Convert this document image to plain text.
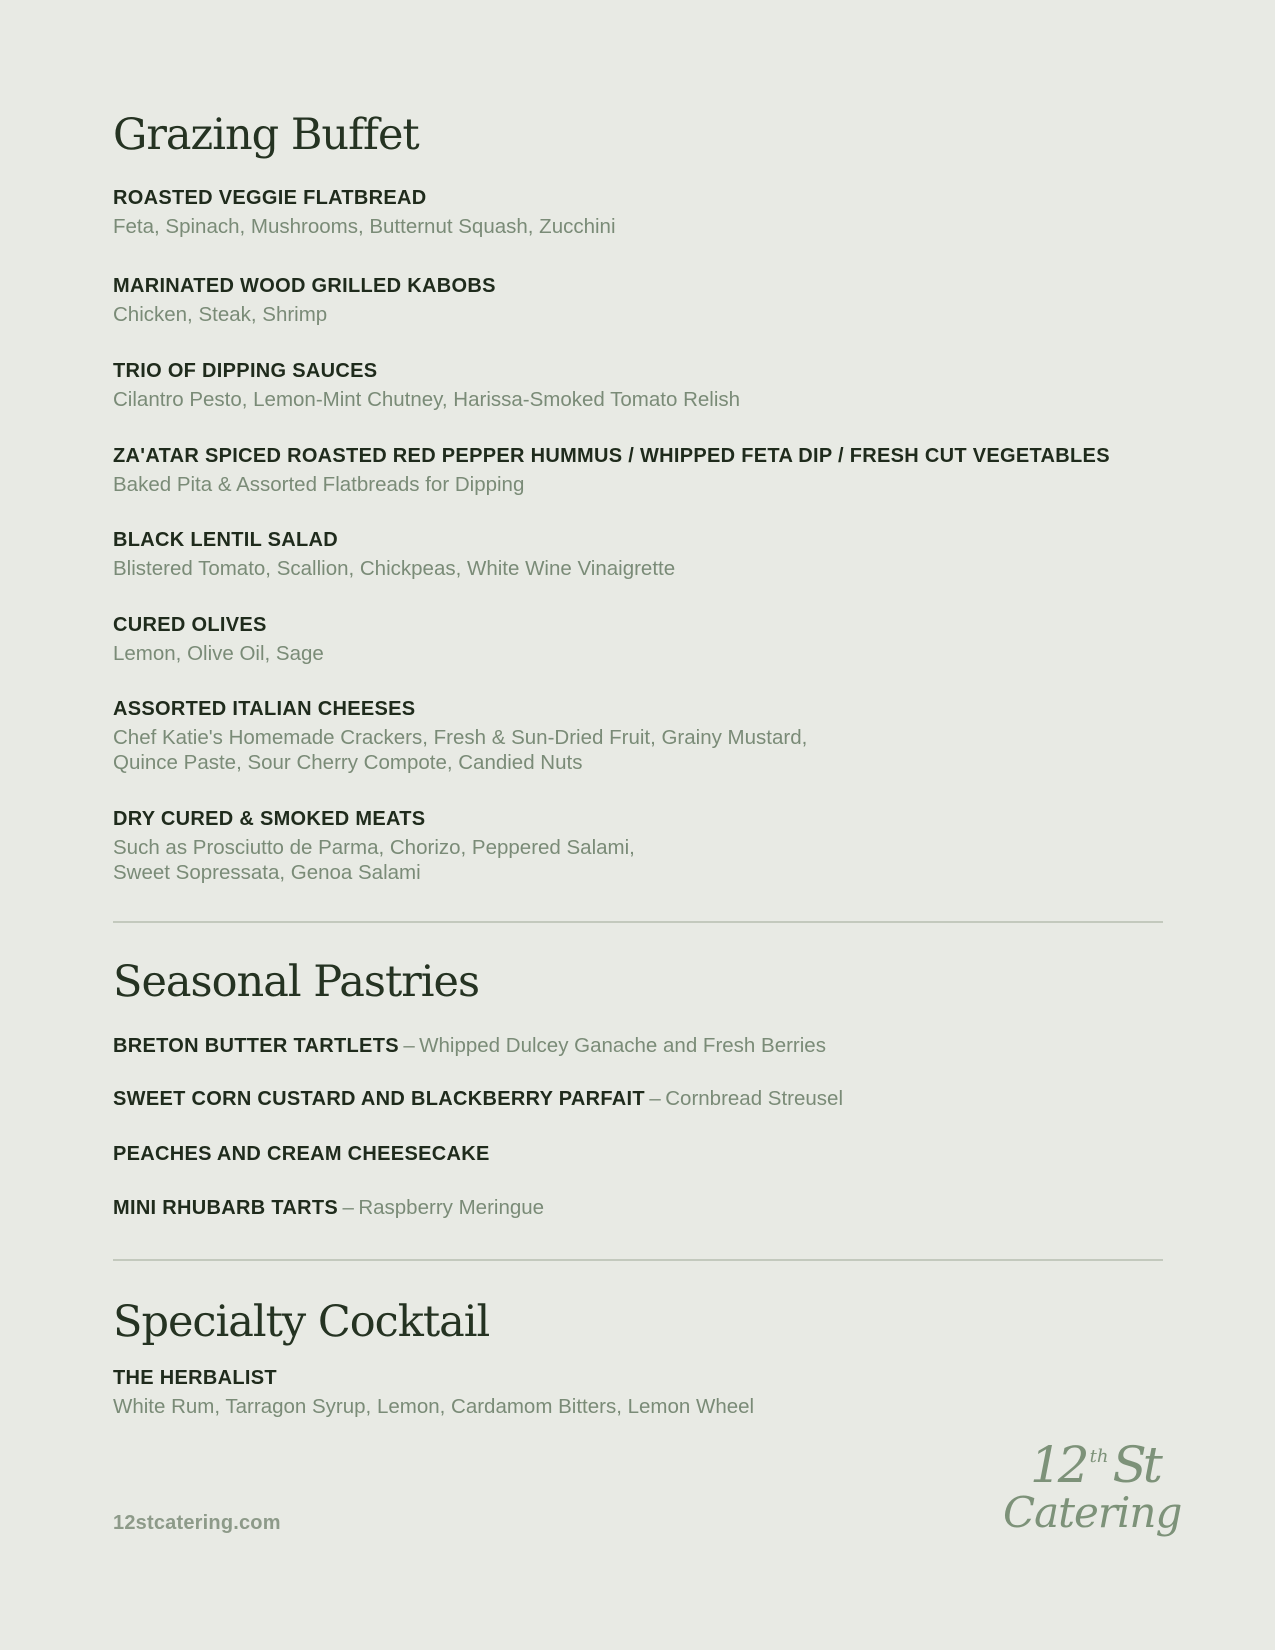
Grazing Buffet
ROASTED VEGGIE FLATBREAD
Feta, Spinach, Mushrooms, Butternut Squash, Zucchini
MARINATED WOOD GRILLED KABOBS
Chicken, Steak, Shrimp
TRIO OF DIPPING SAUCES
Cilantro Pesto, Lemon-Mint Chutney, Harissa-Smoked Tomato Relish
ZA'ATAR SPICED ROASTED RED PEPPER HUMMUS / WHIPPED FETA DIP / FRESH CUT VEGETABLES
Baked Pita & Assorted Flatbreads for Dipping
BLACK LENTIL SALAD
Blistered Tomato, Scallion, Chickpeas, White Wine Vinaigrette
CURED OLIVES
Lemon, Olive Oil, Sage
ASSORTED ITALIAN CHEESES
Chef Katie's Homemade Crackers, Fresh & Sun-Dried Fruit, Grainy Mustard,
Quince Paste, Sour Cherry Compote, Candied Nuts
DRY CURED & SMOKED MEATS
Such as Prosciutto de Parma, Chorizo, Peppered Salami,
Sweet Sopressata, Genoa Salami
Seasonal Pastries
BRETON BUTTER TARTLETS – Whipped Dulcey Ganache and Fresh Berries
SWEET CORN CUSTARD AND BLACKBERRY PARFAIT – Cornbread Streusel
PEACHES AND CREAM CHEESECAKE
MINI RHUBARB TARTS – Raspberry Meringue
Specialty Cocktail
THE HERBALIST
White Rum, Tarragon Syrup, Lemon, Cardamom Bitters, Lemon Wheel
12stcatering.com
12 $^{th}$St
Catering
